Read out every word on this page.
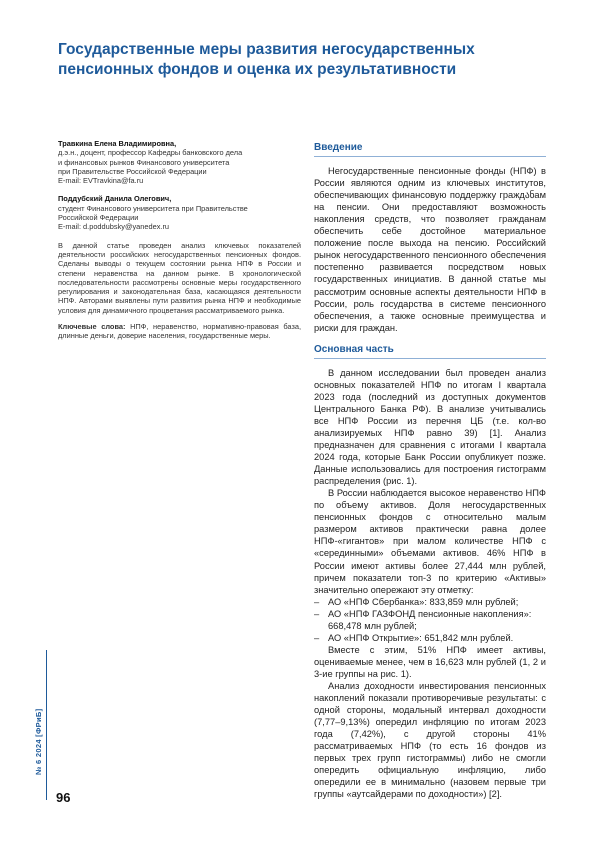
Государственные меры развития негосударственных пенсионных фондов и оценка их результативности
Травкина Елена Владимировна,
д.э.н., доцент, профессор Кафедры банковского дела
и финансовых рынков Финансового университета
при Правительстве Российской Федерации
E-mail: EVTravkina@fa.ru
Поддубский Данила Олегович,
студент Финансового университета при Правительстве
Российской Федерации
E-mail: d.poddubsky@yanedex.ru
В данной статье проведен анализ ключевых показателей деятельности российских негосударственных пенсионных фондов. Сделаны выводы о текущем состоянии рынка НПФ в России и степени неравенства на данном рынке. В хронологической последовательности рассмотрены основные меры государственного регулирования и законодательная база, касающаяся деятельности НПФ. Авторами выявлены пути развития рынка НПФ и необходимые условия для динамичного процветания рассматриваемого рынка.
Ключевые слова: НПФ, неравенство, нормативно-правовая база, длинные деньги, доверие населения, государственные меры.
Введение

Негосударственные пенсионные фонды (НПФ) в России являются одним из ключевых институтов, обеспечивающих финансовую поддержку граждანам на пенсии. Они предоставляют возможность накопления средств, что позволяет гражданам обеспечить себе достойное материальное положение после выхода на пенсию. Российский рынок негосударственного пенсионного обеспечения постепенно развивается посредством новых государственных инициатив. В данной статье мы рассмотрим основные аспекты деятельности НПФ в России, роль государства в системе пенсионного обеспечения, а также основные преимущества и риски для граждан.

Основная часть

В данном исследовании был проведен анализ основных показателей НПФ по итогам I квартала 2023 года (последний из доступных документов Центрального Банка РФ). В анализе учитывались все НПФ России из перечня ЦБ (т.е. кол-во анализируемых НПФ равно 39) [1]. Анализ предназначен для сравнения с итогами I квартала 2024 года, которые Банк России опубликует позже. Данные использовались для построения гистограмм распределения (рис. 1).

В России наблюдается высокое неравенство НПФ по объему активов. Доля негосударственных пенсионных фондов с относительно малым размером активов практически равна долее НПФ-«гигантов» при малом количестве НПФ с «серединными» объемами активов. 46% НПФ в России имеют активы более 27,444 млн рублей, причем показатели топ-3 по критерию «Активы» значительно опережают эту отметку:

– АО «НПФ Сбербанка»: 833,859 млн рублей;
– АО «НПФ ГАЗФОНД пенсионные накопления»: 668,478 млн рублей;
– АО «НПФ Открытие»: 651,842 млн рублей.

Вместе с этим, 51% НПФ имеет активы, оцениваемые менее, чем в 16,623 млн рублей (1, 2 и 3-ие группы на рис. 1).

Анализ доходности инвестирования пенсионных накоплений показали противоречивые результаты: с одной стороны, модальный интервал доходности (7,77–9,13%) опередил инфляцию по итогам 2023 года (7,42%), с другой стороны 41% рассматриваемых НПФ (то есть 16 фондов из первых трех групп гистограммы) либо не смогли опередить официальную инфляцию, либо опередили ее в минимально (назовем первые три группы «аутсайдерами по доходности») [2].

№ 6 2024 [ФРиБ]
96
